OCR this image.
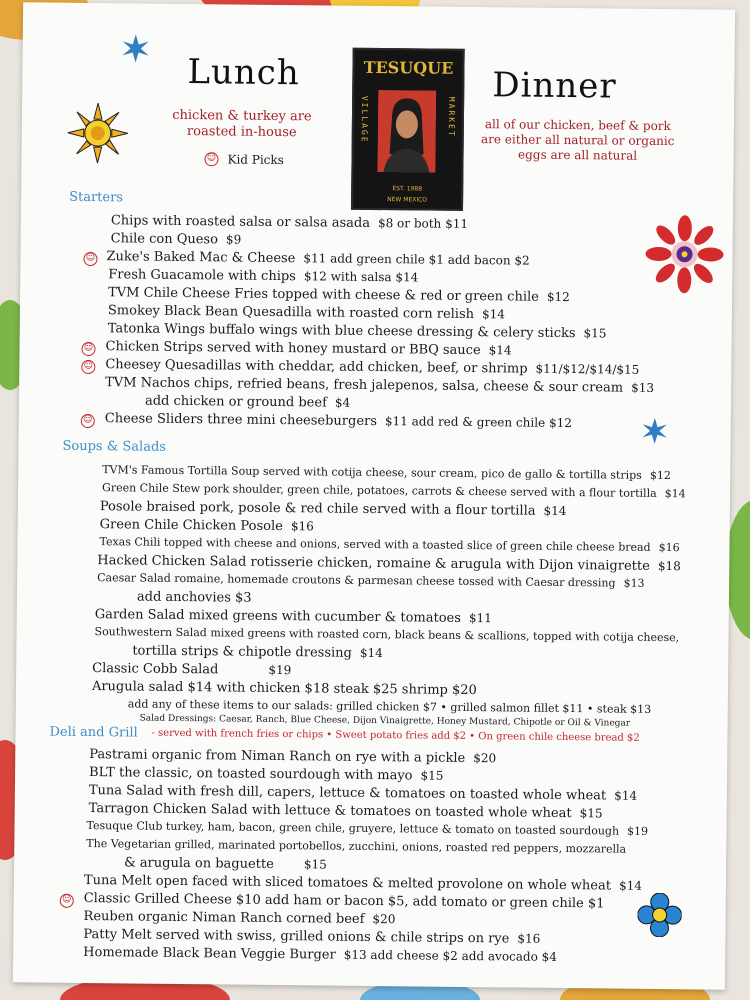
Lunch	Dinner
chicken & turkey are roasted in-house
☺ Kid Picks
all of our chicken, beef & pork are either all natural or organic eggs are all natural
TESUQUE
VILLAGE	MARKET
EST. 1988
NEW MEXICO
Starters
Chips with roasted salsa or salsa asada $8 or both $11
Chile con Queso $9
☺ Zuke's Baked Mac & Cheese $11 add green chile $1 add bacon $2
Fresh Guacamole with chips $12 with salsa $14
TVM Chile Cheese Fries topped with cheese & red or green chile $12
Smokey Black Bean Quesadilla with roasted corn relish $14
Tatonka Wings buffalo wings with blue cheese dressing & celery sticks $15
☺ Chicken Strips served with honey mustard or BBQ sauce $14
☺ Cheesey Quesadillas with cheddar, add chicken, beef, or shrimp $11/$12/$14/$15
TVM Nachos chips, refried beans, fresh jalepenos, salsa, cheese & sour cream $13
add chicken or ground beef $4
☺ Cheese Sliders three mini cheeseburgers $11 add red & green chile $12
Soups & Salads
TVM's Famous Tortilla Soup served with cotija cheese, sour cream, pico de gallo & tortilla strips $12
Green Chile Stew pork shoulder, green chile, potatoes, carrots & cheese served with a flour tortilla $14
Posole braised pork, posole & red chile served with a flour tortilla $14
Green Chile Chicken Posole $16
Texas Chili topped with cheese and onions, served with a toasted slice of green chile cheese bread $16
Hacked Chicken Salad rotisserie chicken, romaine & arugula with Dijon vinaigrette $18
Caesar Salad romaine, homemade croutons & parmesan cheese tossed with Caesar dressing $13
add anchovies $3
Garden Salad mixed greens with cucumber & tomatoes $11
Southwestern Salad mixed greens with roasted corn, black beans & scallions, topped with cotija cheese,
tortilla strips & chipotle dressing $14
Classic Cobb Salad	$19
Arugula salad $14 with chicken $18 steak $25 shrimp $20
add any of these items to our salads: grilled chicken $7 • grilled salmon fillet $11 • steak $13
Salad Dressings: Caesar, Ranch, Blue Cheese, Dijon Vinaigrette, Honey Mustard, Chipotle or Oil & Vinegar
Deli and Grill - served with french fries or chips • Sweet potato fries add $2 • On green chile cheese bread $2
Pastrami organic from Niman Ranch on rye with a pickle $20
BLT the classic, on toasted sourdough with mayo $15
Tuna Salad with fresh dill, capers, lettuce & tomatoes on toasted whole wheat $14
Tarragon Chicken Salad with lettuce & tomatoes on toasted whole wheat $15
Tesuque Club turkey, ham, bacon, green chile, gruyere, lettuce & tomato on toasted sourdough $19
The Vegetarian grilled, marinated portobellos, zucchini, onions, roasted red peppers, mozzarella
& arugula on baguette $15
Tuna Melt open faced with sliced tomatoes & melted provolone on whole wheat $14
☺ Classic Grilled Cheese $10 add ham or bacon $5, add tomato or green chile $1
Reuben organic Niman Ranch corned beef $20
Patty Melt served with swiss, grilled onions & chile strips on rye $16
Homemade Black Bean Veggie Burger $13 add cheese $2 add avocado $4
